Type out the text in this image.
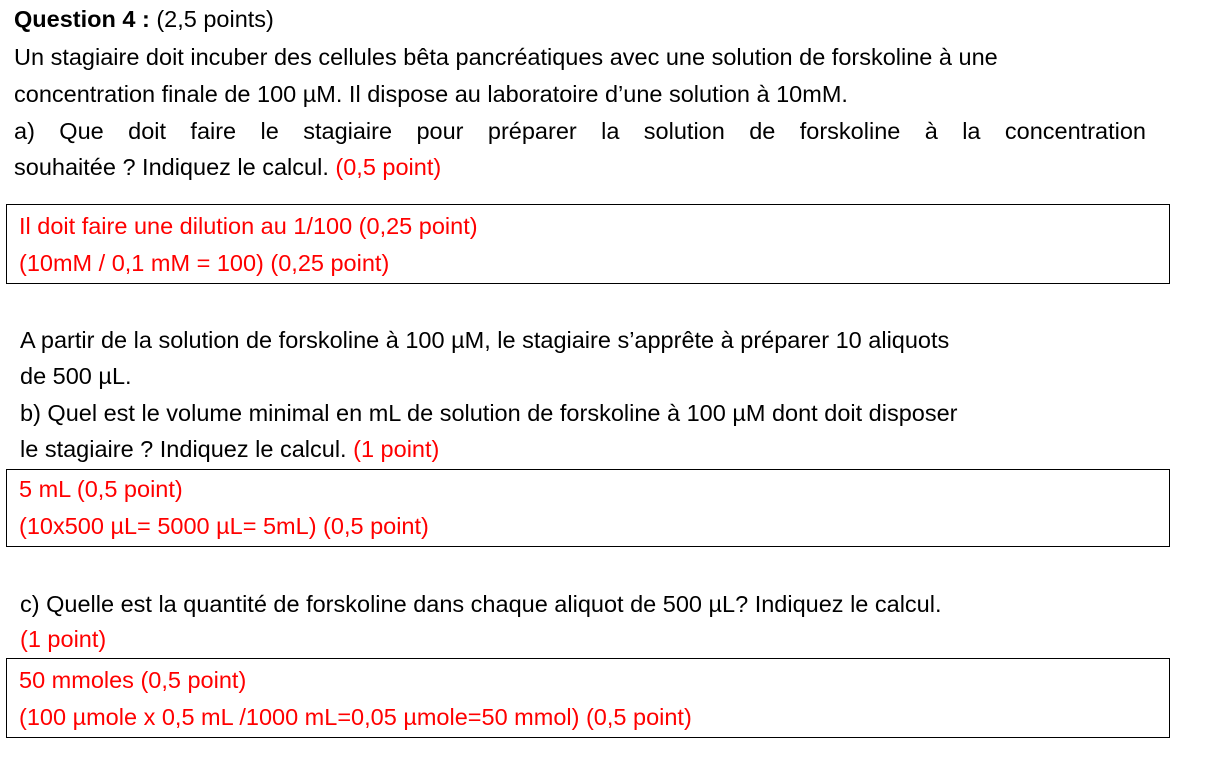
Question 4 : (2,5 points)
Un stagiaire doit incuber des cellules bêta pancréatiques avec une solution de forskoline à une
concentration finale de 100 µM. Il dispose au laboratoire d’une solution à 10mM.
a) Que doit faire le stagiaire pour préparer la solution de forskoline à la concentration
souhaitée ? Indiquez le calcul. (0,5 point)
Il doit faire une dilution au 1/100 (0,25 point)
(10mM / 0,1 mM = 100) (0,25 point)
A partir de la solution de forskoline à 100 µM, le stagiaire s’apprête à préparer 10 aliquots
de 500 µL.
b) Quel est le volume minimal en mL de solution de forskoline à 100 µM dont doit disposer
le stagiaire ? Indiquez le calcul. (1 point)
5 mL (0,5 point)
(10x500 µL= 5000 µL= 5mL) (0,5 point)
c) Quelle est la quantité de forskoline dans chaque aliquot de 500 µL? Indiquez le calcul.
(1 point)
50 mmoles (0,5 point)
(100 µmole x 0,5 mL /1000 mL=0,05 µmole=50 mmol) (0,5 point)
